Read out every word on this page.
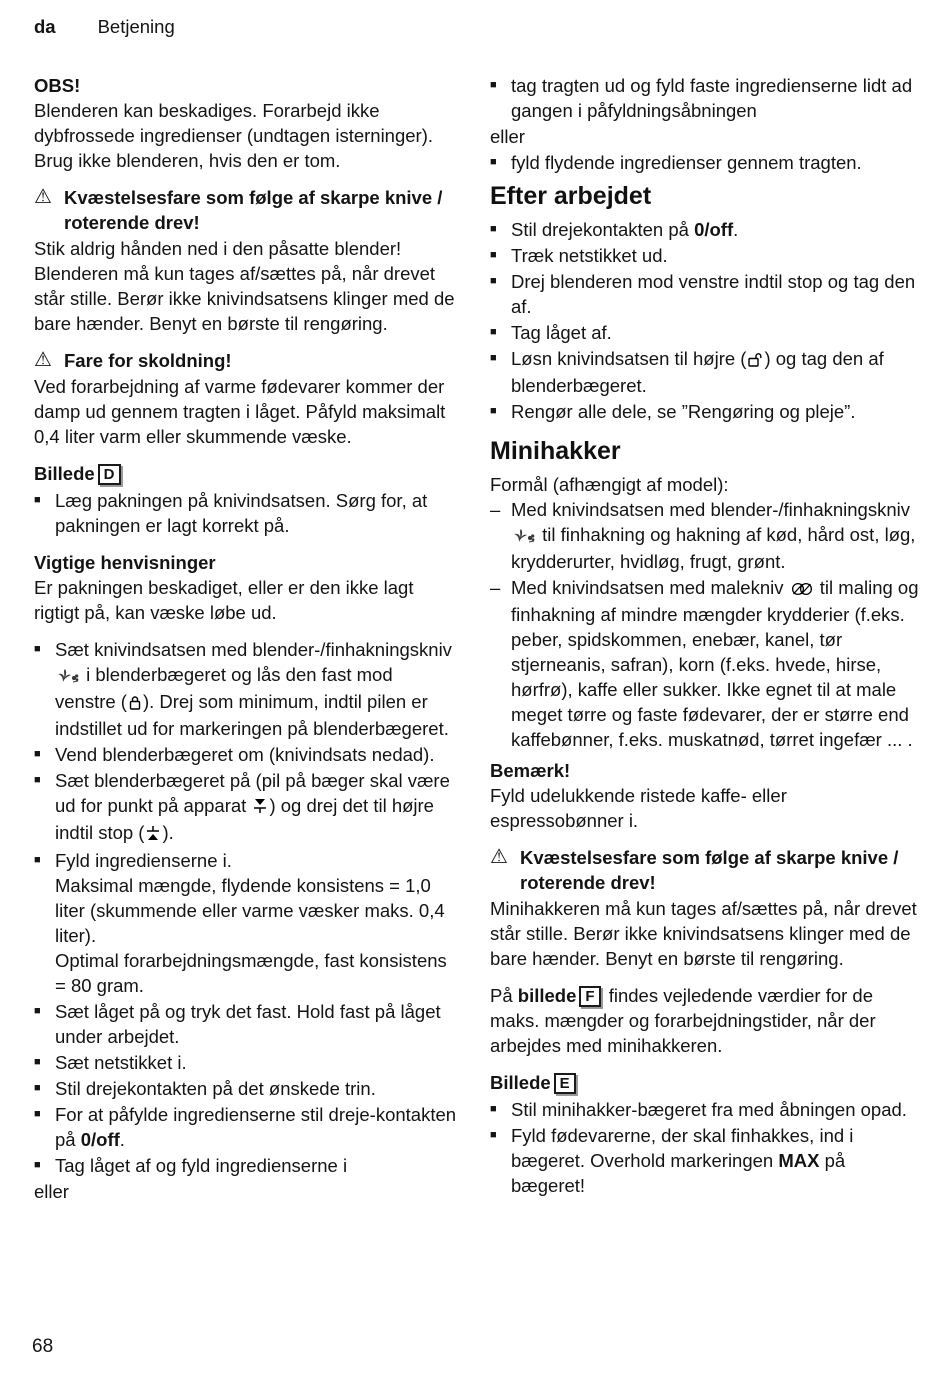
da Betjening
OBS!
Blenderen kan beskadiges. Forarbejd ikke dybfrossede ingredienser (undtagen isterninger). Brug ikke blenderen, hvis den er tom.
⚠ Kvæstelsesfare som følge af skarpe knive / roterende drev!
Stik aldrig hånden ned i den påsatte blender! Blenderen må kun tages af/sættes på, når drevet står stille. Berør ikke knivindsatsens klinger med de bare hænder. Benyt en børste til rengøring.
⚠ Fare for skoldning!
Ved forarbejdning af varme fødevarer kommer der damp ud gennem tragten i låget. Påfyld maksimalt 0,4 liter varm eller skummende væske.
Billede D
■ Læg pakningen på knivindsatsen. Sørg for, at pakningen er lagt korrekt på.
Vigtige henvisninger
Er pakningen beskadiget, eller er den ikke lagt rigtigt på, kan væske løbe ud.
■ Sæt knivindsatsen med blender-/finhakningskniv  i blenderbægeret og lås den fast mod venstre ( ). Drej som minimum, indtil pilen er indstillet ud for markeringen på blenderbægeret.
■ Vend blenderbægeret om (knivindsats nedad).
■ Sæt blenderbægeret på (pil på bæger skal være ud for punkt på apparat ) og drej det til højre indtil stop ( ).
■ Fyld ingredienserne i.
Maksimal mængde, flydende konsistens = 1,0 liter (skummende eller varme væsker maks. 0,4 liter).
Optimal forarbejdningsmængde, fast konsistens = 80 gram.
■ Sæt låget på og tryk det fast. Hold fast på låget under arbejdet.
■ Sæt netstikket i.
■ Stil drejekontakten på det ønskede trin.
■ For at påfylde ingredienserne stil dreje-kontakten på 0/off.
■ Tag låget af og fyld ingredienserne i
eller
■ tag tragten ud og fyld faste ingredienserne lidt ad gangen i påfyldningsåbningen
eller
■ fyld flydende ingredienser gennem tragten.
Efter arbejdet
■ Stil drejekontakten på 0/off.
■ Træk netstikket ud.
■ Drej blenderen mod venstre indtil stop og tag den af.
■ Tag låget af.
■ Løsn knivindsatsen til højre ( ) og tag den af blenderbægeret.
■ Rengør alle dele, se ”Rengøring og pleje”.
Minihakker
Formål (afhængigt af model):
– Med knivindsatsen med blender-/finhakningskniv  til finhakning og hakning af kød, hård ost, løg, krydderurter, hvidløg, frugt, grønt.
– Med knivindsatsen med malekniv  til maling og finhakning af mindre mængder krydderier (f.eks. peber, spidskommen, enebær, kanel, tør stjerneanis, safran), korn (f.eks. hvede, hirse, hørfrø), kaffe eller sukker. Ikke egnet til at male meget tørre og faste fødevarer, der er større end kaffebønner, f.eks. muskatnød, tørret ingefær ... .
Bemærk!
Fyld udelukkende ristede kaffe- eller espressobønner i.
⚠ Kvæstelsesfare som følge af skarpe knive / roterende drev!
Minihakkeren må kun tages af/sættes på, når drevet står stille. Berør ikke knivindsatsens klinger med de bare hænder. Benyt en børste til rengøring.
På billede F findes vejledende værdier for de maks. mængder og forarbejdningstider, når der arbejdes med minihakkeren.
Billede E
■ Stil minihakker-bægeret fra med åbningen opad.
■ Fyld fødevarerne, der skal finhakkes, ind i bægeret. Overhold markeringen MAX på bægeret!
68
